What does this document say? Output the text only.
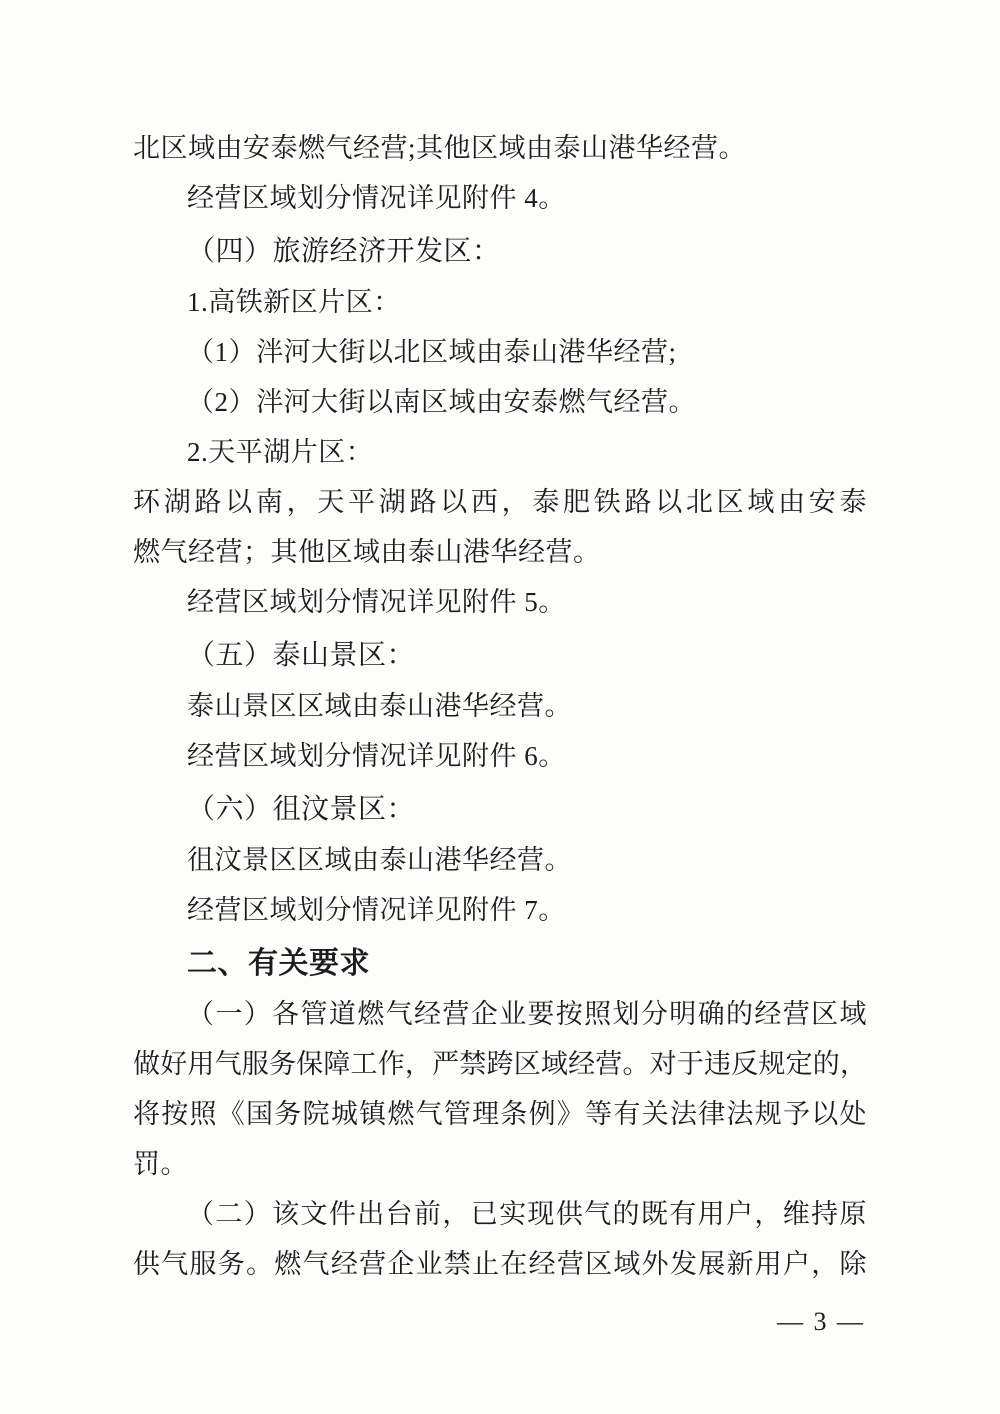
北区域由安泰燃气经营;其他区域由泰山港华经营。

经营区域划分情况详见附件 4。

（四）旅游经济开发区：

1.高铁新区片区：

（1）泮河大街以北区域由泰山港华经营;

（2）泮河大街以南区域由安泰燃气经营。

2.天平湖片区：

环湖路以南，天平湖路以西，泰肥铁路以北区域由安泰

燃气经营；其他区域由泰山港华经营。

经营区域划分情况详见附件 5。

（五）泰山景区：

泰山景区区域由泰山港华经营。

经营区域划分情况详见附件 6。

（六）徂汶景区：

徂汶景区区域由泰山港华经营。

经营区域划分情况详见附件 7。

二、有关要求

（一）各管道燃气经营企业要按照划分明确的经营区域

做好用气服务保障工作，严禁跨区域经营。对于违反规定的，

将按照《国务院城镇燃气管理条例》等有关法律法规予以处

罚。

（二）该文件出台前，已实现供气的既有用户，维持原

供气服务。燃气经营企业禁止在经营区域外发展新用户，除

— 3 —
